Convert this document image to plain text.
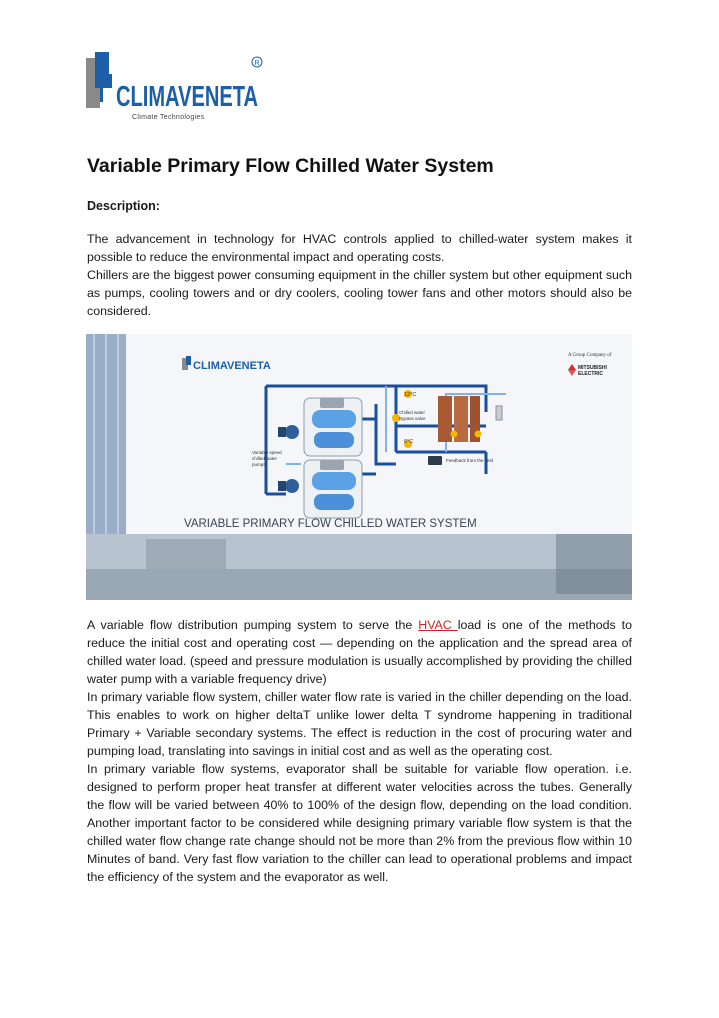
CLIMAVENETA
R
Climate Technologies
Variable Primary Flow Chilled Water System
Description:

The advancement in technology for HVAC controls applied to chilled-water system makes it possible to reduce the environmental impact and operating costs.

Chillers are the biggest power consuming equipment in the chiller system but other equipment such as pumps, cooling towers and or dry coolers, cooling tower fans and other motors should also be considered.

CLIMAVENETA
A Group Company of
MITSUBISHI
ELECTRIC
12°C
6°C
Chilled water
Bypass valve
Variable speed
chilled water
pumps
Feedback from the field
VARIABLE PRIMARY FLOW CHILLED WATER SYSTEM

A variable flow distribution pumping system to serve the HVAC load is one of the methods to reduce the initial cost and operating cost — depending on the application and the spread area of chilled water load. (speed and pressure modulation is usually accomplished by providing the chilled water pump with a variable frequency drive)

In primary variable flow system, chiller water flow rate is varied in the chiller depending on the load. This enables to work on higher deltaT unlike lower delta T syndrome happening in traditional Primary + Variable secondary systems. The effect is reduction in the cost of procuring water and pumping load, translating into savings in initial cost and as well as the operating cost.

In primary variable flow systems, evaporator shall be suitable for variable flow operation. i.e. designed to perform proper heat transfer at different water velocities across the tubes. Generally the flow will be varied between 40% to 100% of the design flow, depending on the load condition. Another important factor to be considered while designing primary variable flow system is that the chilled water flow change rate change should not be more than 2% from the previous flow within 10 Minutes of band. Very fast flow variation to the chiller can lead to operational problems and impact the efficiency of the system and the evaporator as well.
